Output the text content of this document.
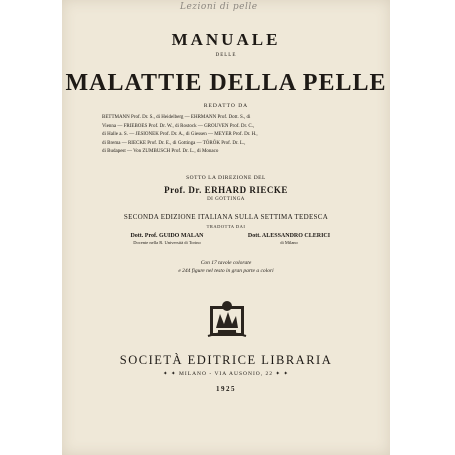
Lezioni di pelle
MANUALE
DELLE
MALATTIE DELLA PELLE
REDATTO DA
BETTMANN Prof. Dr. S., di Heidelberg — EHRMANN Prof. Dott. S., di
Vienna — FRIEBOES Prof. Dr. W., di Rostock — GROUVEN Prof. Dr. C.,
di Halle a. S. — JESIONEK Prof. Dr. A., di Giessen — MEYER Prof. Dr. H.,
di Brema — RIECKE Prof. Dr. E., di Gottinga — TÖRÖK Prof. Dr. L.,
di Budapest — Von ZUMBUSCH Prof. Dr. L., di Monaco
SOTTO LA DIREZIONE DEL
Prof. Dr. ERHARD RIECKE
DI GOTTINGA
SECONDA EDIZIONE ITALIANA SULLA SETTIMA TEDESCA
TRADOTTA DAI
Dott. Prof. GUIDO MALAN
Docente nella R. Università di Torino
Dott. ALESSANDRO CLERICI
di Milano
Con 17 tavole colorate
e 244 figure nel testo in gran parte a colori
SOCIETÀ EDITRICE LIBRARIA
✦ ✦ MILANO - VIA AUSONIO, 22 ✦ ✦
1925
